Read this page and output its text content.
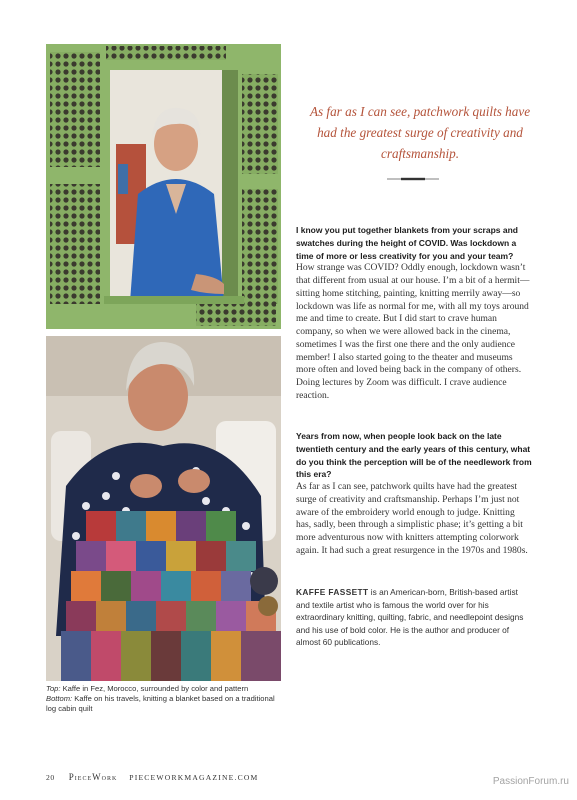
Top: Kaffe in Fez, Morocco, surrounded by color and pattern
Bottom: Kaffe on his travels, knitting a blanket based on a traditional log cabin quilt
As far as I can see, patchwork quilts have had the greatest surge of creativity and craftsmanship.
I know you put together blankets from your scraps and swatches during the height of COVID. Was lockdown a time of more or less creativity for you and your team?
How strange was COVID? Oddly enough, lockdown wasn’t that different from usual at our house. I’m a bit of a hermit—sitting home stitching, painting, knitting merrily away—so lockdown was life as normal for me, with all my toys around me and time to create. But I did start to crave human company, so when we were allowed back in the cinema, sometimes I was the first one there and the only audience member! I also started going to the theater and museums more often and loved being back in the company of others. Doing lectures by Zoom was difficult. I crave audience reaction.
Years from now, when people look back on the late twentieth century and the early years of this century, what do you think the perception will be of the needlework from this era?
As far as I can see, patchwork quilts have had the greatest surge of creativity and craftsmanship. Perhaps I’m just not aware of the embroidery world enough to judge. Knitting has, sadly, been through a simplistic phase; it’s getting a bit more adventurous now with knitters attempting colorwork again. It had such a great resurgence in the 1970s and 1980s.
KAFFE FASSETT is an American-born, British-based artist and textile artist who is famous the world over for his extraordinary knitting, quilting, fabric, and needlepoint designs and his use of bold color. He is the author and producer of almost 60 publications.
20 PieceWork PIECEWORKMAGAZINE.COM	PassionForum.ru
